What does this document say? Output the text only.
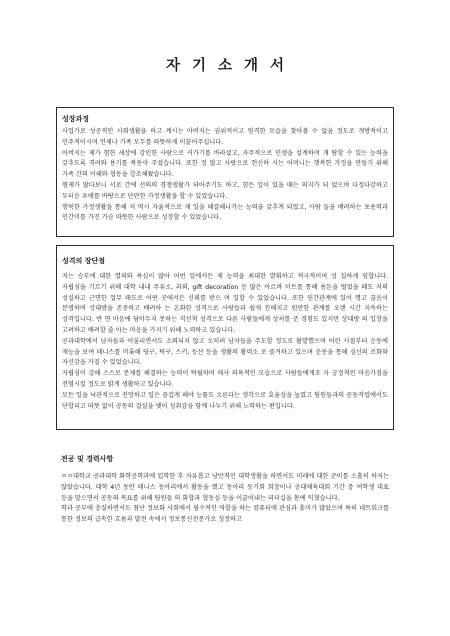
자기소개서
성장과정

사업가로 성공적인 사회생활을 하고 계시는 아버지는 권위적이고 엄격한 모습을 찾아볼 수 없을 정도로 개방적이고 민주적이시며 언제나 가족 모두를 따뜻하게 이끌어주십니다.

아버지는 제가 험한 세상에 강인한 사람으로 커가기를 바라셨고, 자주적으로 인생을 설계하며 개 탐할 수 있는 능력을 갖추도록 격려와 용기를 북돋아 주셨습니다. 또한 정 많고 사랑으로 헌신하 시는 어머니는 행복한 가정을 만들기 위해 가족 간의 이해와 협동을 강조해왔습니다.

형제가 많다보니 서로 간에 선의의 경쟁생활가 되어주기도 하고, 힘든 일이 있을 때는 의지가 되 었으며 다정다감하고 두터운 우애를 바탕으로 단란한 가정생활을 할 수 있었습니다.

행복한 가정생활을 통해 저 역시 자율적으로 제 일을 해결해나가는 능력을 갖추게 되었고, 사람 들을 배려하는 포용력과 인간미를 가진 가슴 따뜻한 사람으로 성장할 수 있었습니다.

성격의 장단점

저는 승부에 대한 열의와 욕심이 많아 어떤 일에서든 제 능력을 최대한 발휘하고 적극적이며 성 실하게 임합니다. 자립심을 기르기 위해 대학 내내 주유소, 과외, gift decoration 등 많은 아르바 이트를 통해 용돈을 벌었을 때도 저의 성실하고 근면한 업무 태도로 어떤 곳에서든 신뢰를 받으 며 일할 수 있었습니다. 또한 인간관계에 있어 명고 끊음이 분명하며 상대방을 존중하고 배려하 는 온화한 성격으로 사람들과 쉽게 친해지고 원만한 관계를 오랜 시간 지속하는 성격입니다. 반 면 마음에 담아두지 못하는 직선적 성격으로 다른 사람들에게 상처를 준 경험도 있지만 상대방 의 입장을 고려하고 배려할 줄 아는 마음을 가지기 위해 노력하고 있습니다.

공과대학에서 남자들과 어울리면서도 소외되지 않고 오히려 남자들을 주도할 정도로 활발했으며 어린 시절부터 운동에 재능을 보여 테니스를 비롯해 당구, 탁구, 스키, 등산 등을 생활의 활력소 로 즐겨하고 있으며 운동을 통해 심신의 조화와 자신감을 가질 수 있었습니다.

자립심이 강해 스스로 문제를 해결하는 능력이 탁월하며 매사 의욕적인 모습으로 사람들에게조 자 긍정적인 마음가짐을 전염시킬 정도로 밝게 생활하고 있습니다.

모든 일을 낙관적으로 전망하고 일은 즐겁게 해야 능률도 오른다는 생각으로 효율성을 높였고 팀원들과의 공동작업에서도 단합되고 따뜻 없이 공동의 결실을 맺어 성취감을 함께 나누기 위해 노력하는 편입니다.

전공 및 경력사항

ㅇㅇ대학교 공과대학 화학공학과에 입학한 후 자유롭고 낭만적인 대학생활을 하면서도 미래에 대한 준비를 소홀히 하지는 않았습니다. 대학 4년 동안 테니스 동아리에서 활동을 했고 동아리 동기회 회장이나 공대체육대회 기간 중 여학생 대표 등을 맡으면서 공동의 목표를 위해 팀원들 의 화합과 협동심 등을 이끌어내는 리더십을 몸에 익혔습니다.

학과 공부에 충실하면서도 첨단 정보화 사회에서 필수적인 역할을 하는 컴퓨터에 관심과 흥미가 많았으며 특히 네트워크를 통한 정보의 급속한 흐름과 발전 속에서 정보통신전문가로 성장하고
